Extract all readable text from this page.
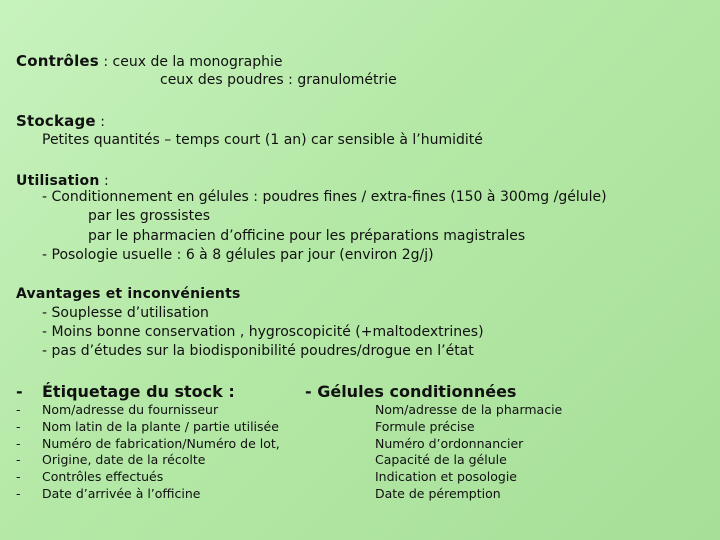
Contrôles : ceux de la monographie
ceux des poudres : granulométrie
Stockage :
Petites quantités – temps court (1 an) car sensible à l’humidité
Utilisation :
- Conditionnement en gélules : poudres fines / extra-fines (150 à 300mg /gélule)
par les grossistes
par le pharmacien d’officine pour les préparations magistrales
- Posologie usuelle : 6 à 8 gélules par jour (environ 2g/j)
Avantages et inconvénients
- Souplesse d’utilisation
- Moins bonne conservation , hygroscopicité (+maltodextrines)
- pas d’études sur la biodisponibilité poudres/drogue en l’état
- Étiquetage du stock :	- Gélules conditionnées
-
-
-
-
-
-
Nom/adresse du fournisseur
Nom latin de la plante / partie utilisée
Numéro de fabrication/Numéro de lot,
Origine, date de la récolte
Contrôles effectués
Date d’arrivée à l’officine
Nom/adresse de la pharmacie
Formule précise
Numéro d’ordonnancier
Capacité de la gélule
Indication et posologie
Date de péremption
